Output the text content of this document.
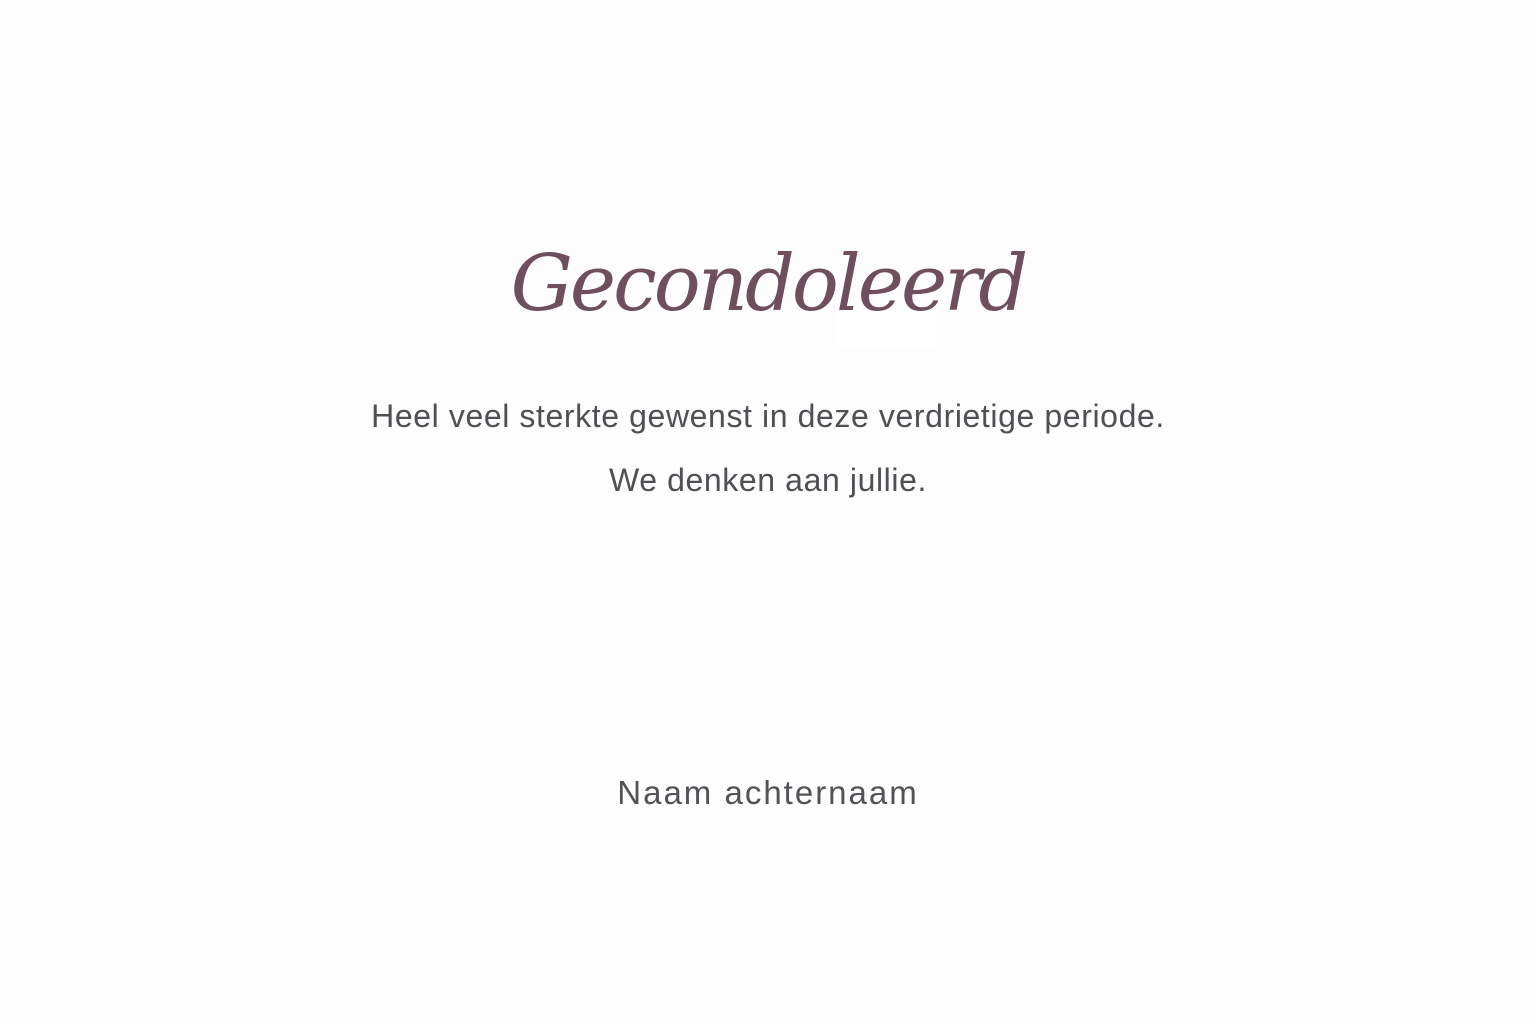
Gecondoleerd
Heel veel sterkte gewenst in deze verdrietige periode.
We denken aan jullie.
Naam achternaam
